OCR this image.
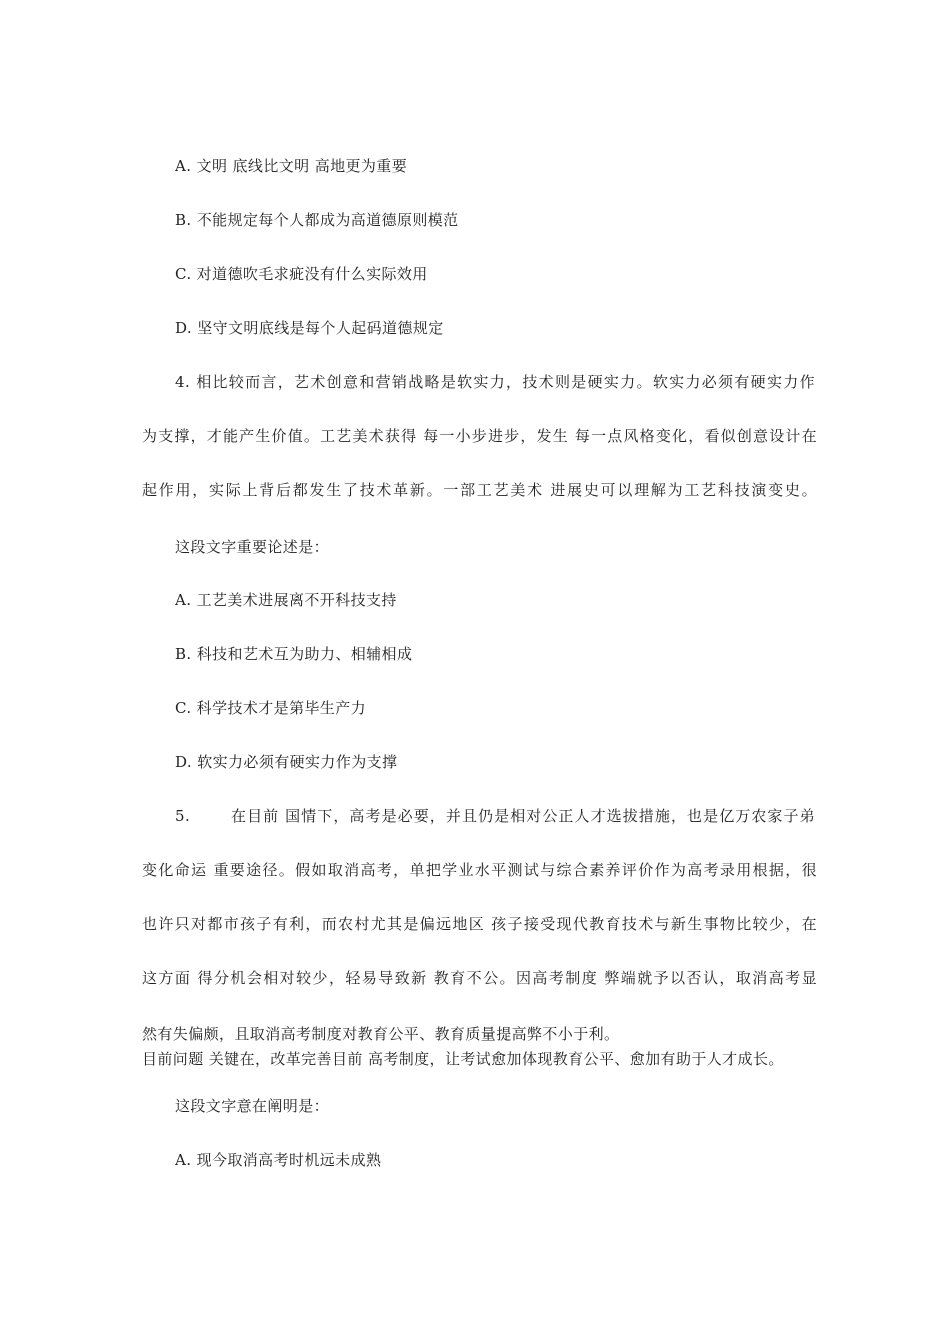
A. 文明 底线比文明 高地更为重要
B. 不能规定每个人都成为高道德原则模范
C. 对道德吹毛求疵没有什么实际效用
D. 坚守文明底线是每个人起码道德规定
4. 相比较而言，艺术创意和营销战略是软实力，技术则是硬实力。软实力必须有硬实力作
为支撑，才能产生价值。工艺美术获得 每一小步进步，发生 每一点风格变化，看似创意设计在
起作用，实际上背后都发生了技术革新。一部工艺美术 进展史可以理解为工艺科技演变史。
这段文字重要论述是：
A. 工艺美术进展离不开科技支持
B. 科技和艺术互为助力、相辅相成
C. 科学技术才是第毕生产力
D. 软实力必须有硬实力作为支撑
5.       在目前 国情下，高考是必要，并且仍是相对公正人才选拔措施，也是亿万农家子弟
变化命运 重要途径。假如取消高考，单把学业水平测试与综合素养评价作为高考录用根据，很
也许只对都市孩子有利，而农村尤其是偏远地区 孩子接受现代教育技术与新生事物比较少，在
这方面 得分机会相对较少，轻易导致新 教育不公。因高考制度 弊端就予以否认，取消高考显
然有失偏颇，且取消高考制度对教育公平、教育质量提高弊不小于利。
目前问题 关键在，改革完善目前 高考制度，让考试愈加体现教育公平、愈加有助于人才成长。
这段文字意在阐明是：
A. 现今取消高考时机远未成熟
